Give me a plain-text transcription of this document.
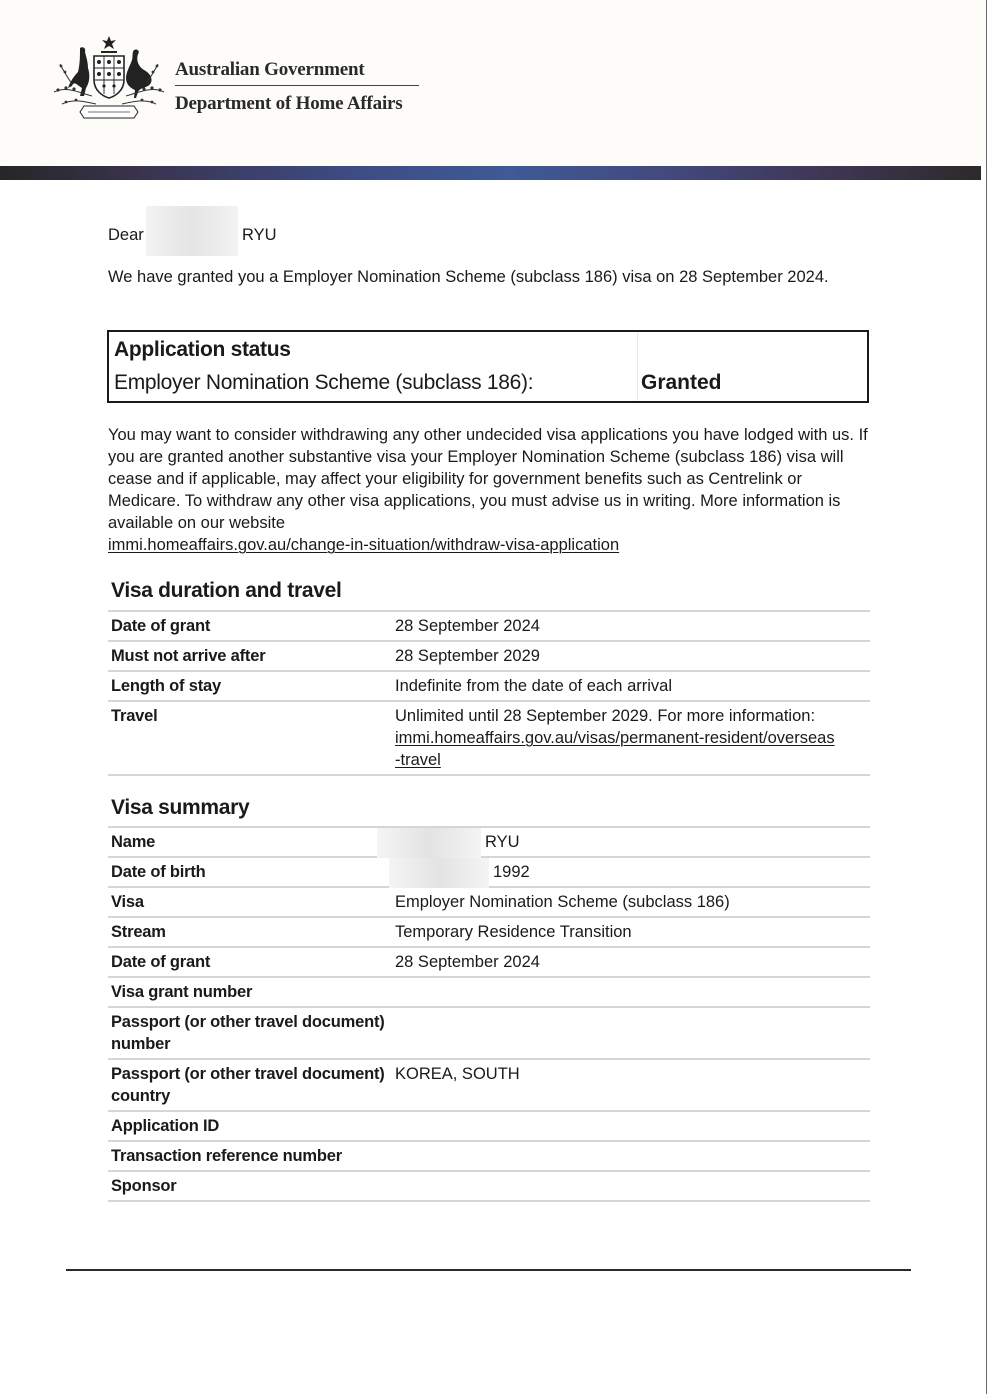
Australian Government
Department of Home Affairs
Dear	RYU

We have granted you a Employer Nomination Scheme (subclass 186) visa on 28 September 2024.

Application status
Employer Nomination Scheme (subclass 186):	Granted

You may want to consider withdrawing any other undecided visa applications you have lodged with us. If you are granted another substantive visa your Employer Nomination Scheme (subclass 186) visa will cease and if applicable, may affect your eligibility for government benefits such as Centrelink or Medicare. To withdraw any other visa applications, you must advise us in writing. More information is available on our website
immi.homeaffairs.gov.au/change-in-situation/withdraw-visa-application

Visa duration and travel
Date of grant	28 September 2024
Must not arrive after	28 September 2029
Length of stay	Indefinite from the date of each arrival
Travel	Unlimited until 28 September 2029. For more information:
immi.homeaffairs.gov.au/visas/permanent-resident/overseas-travel
Visa summary
Name	RYU
Date of birth	1992
Visa	Employer Nomination Scheme (subclass 186)
Stream	Temporary Residence Transition
Date of grant	28 September 2024
Visa grant number	
Passport (or other travel document) number	
Passport (or other travel document) country	KOREA, SOUTH
Application ID	
Transaction reference number	
Sponsor	
